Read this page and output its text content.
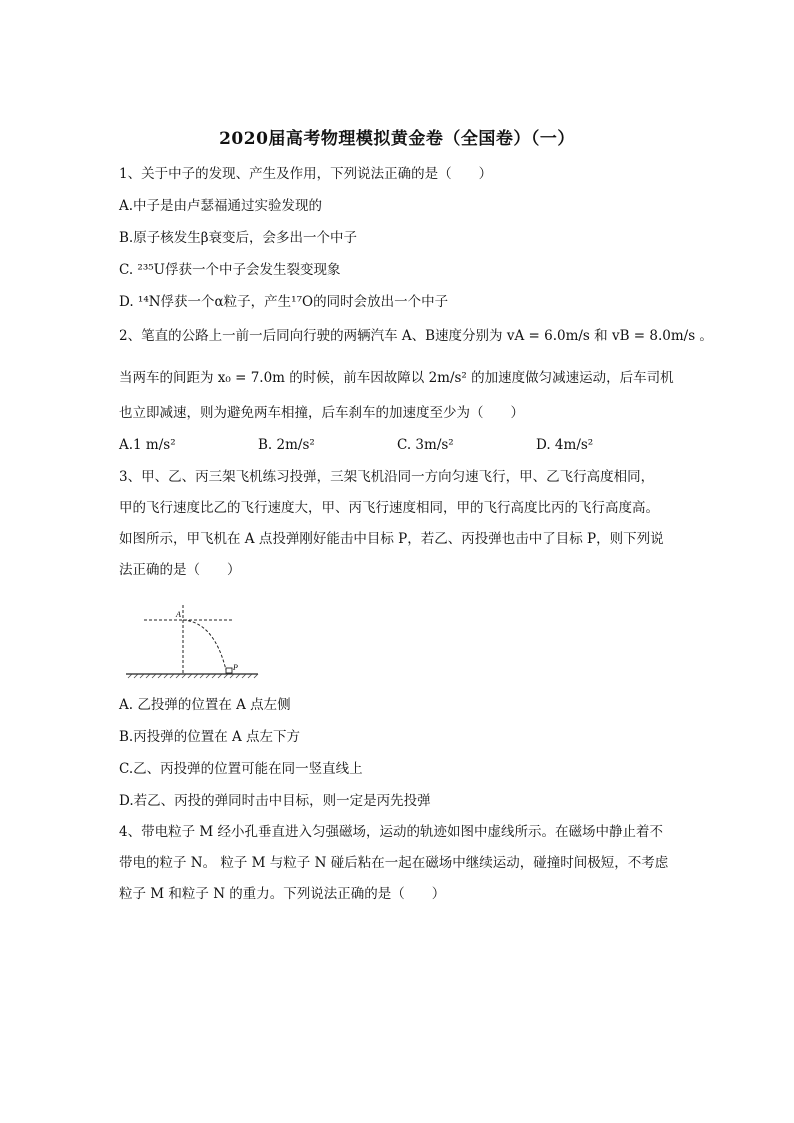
2020届高考物理模拟黄金卷（全国卷）（一）
1、关于中子的发现、产生及作用，下列说法正确的是（　　）
A.中子是由卢瑟福通过实验发现的
B.原子核发生β衰变后，会多出一个中子
C. ²³⁵U俘获一个中子会发生裂变现象
D. ¹⁴N俘获一个α粒子，产生¹⁷O的同时会放出一个中子
2、笔直的公路上一前一后同向行驶的两辆汽车 A、B速度分别为 vA = 6.0m/s 和 vB = 8.0m/s 。
当两车的间距为 x₀ = 7.0m 的时候，前车因故障以 2m/s² 的加速度做匀减速运动，后车司机
也立即减速，则为避免两车相撞，后车刹车的加速度至少为（　　）
A.1 m/s²	B. 2m/s²	C. 3m/s²	D. 4m/s²
3、甲、乙、丙三架飞机练习投弹，三架飞机沿同一方向匀速飞行，甲、乙飞行高度相同，
甲的飞行速度比乙的飞行速度大，甲、丙飞行速度相同，甲的飞行高度比丙的飞行高度高。
如图所示，甲飞机在 A 点投弹刚好能击中目标 P，若乙、丙投弹也击中了目标 P，则下列说
法正确的是（　　）
A
P
A. 乙投弹的位置在 A 点左侧
B.丙投弹的位置在 A 点左下方
C.乙、丙投弹的位置可能在同一竖直线上
D.若乙、丙投的弹同时击中目标，则一定是丙先投弹
4、带电粒子 M 经小孔垂直进入匀强磁场，运动的轨迹如图中虚线所示。在磁场中静止着不
带电的粒子 N。 粒子 M 与粒子 N 碰后粘在一起在磁场中继续运动，碰撞时间极短，不考虑
粒子 M 和粒子 N 的重力。下列说法正确的是（　　）
